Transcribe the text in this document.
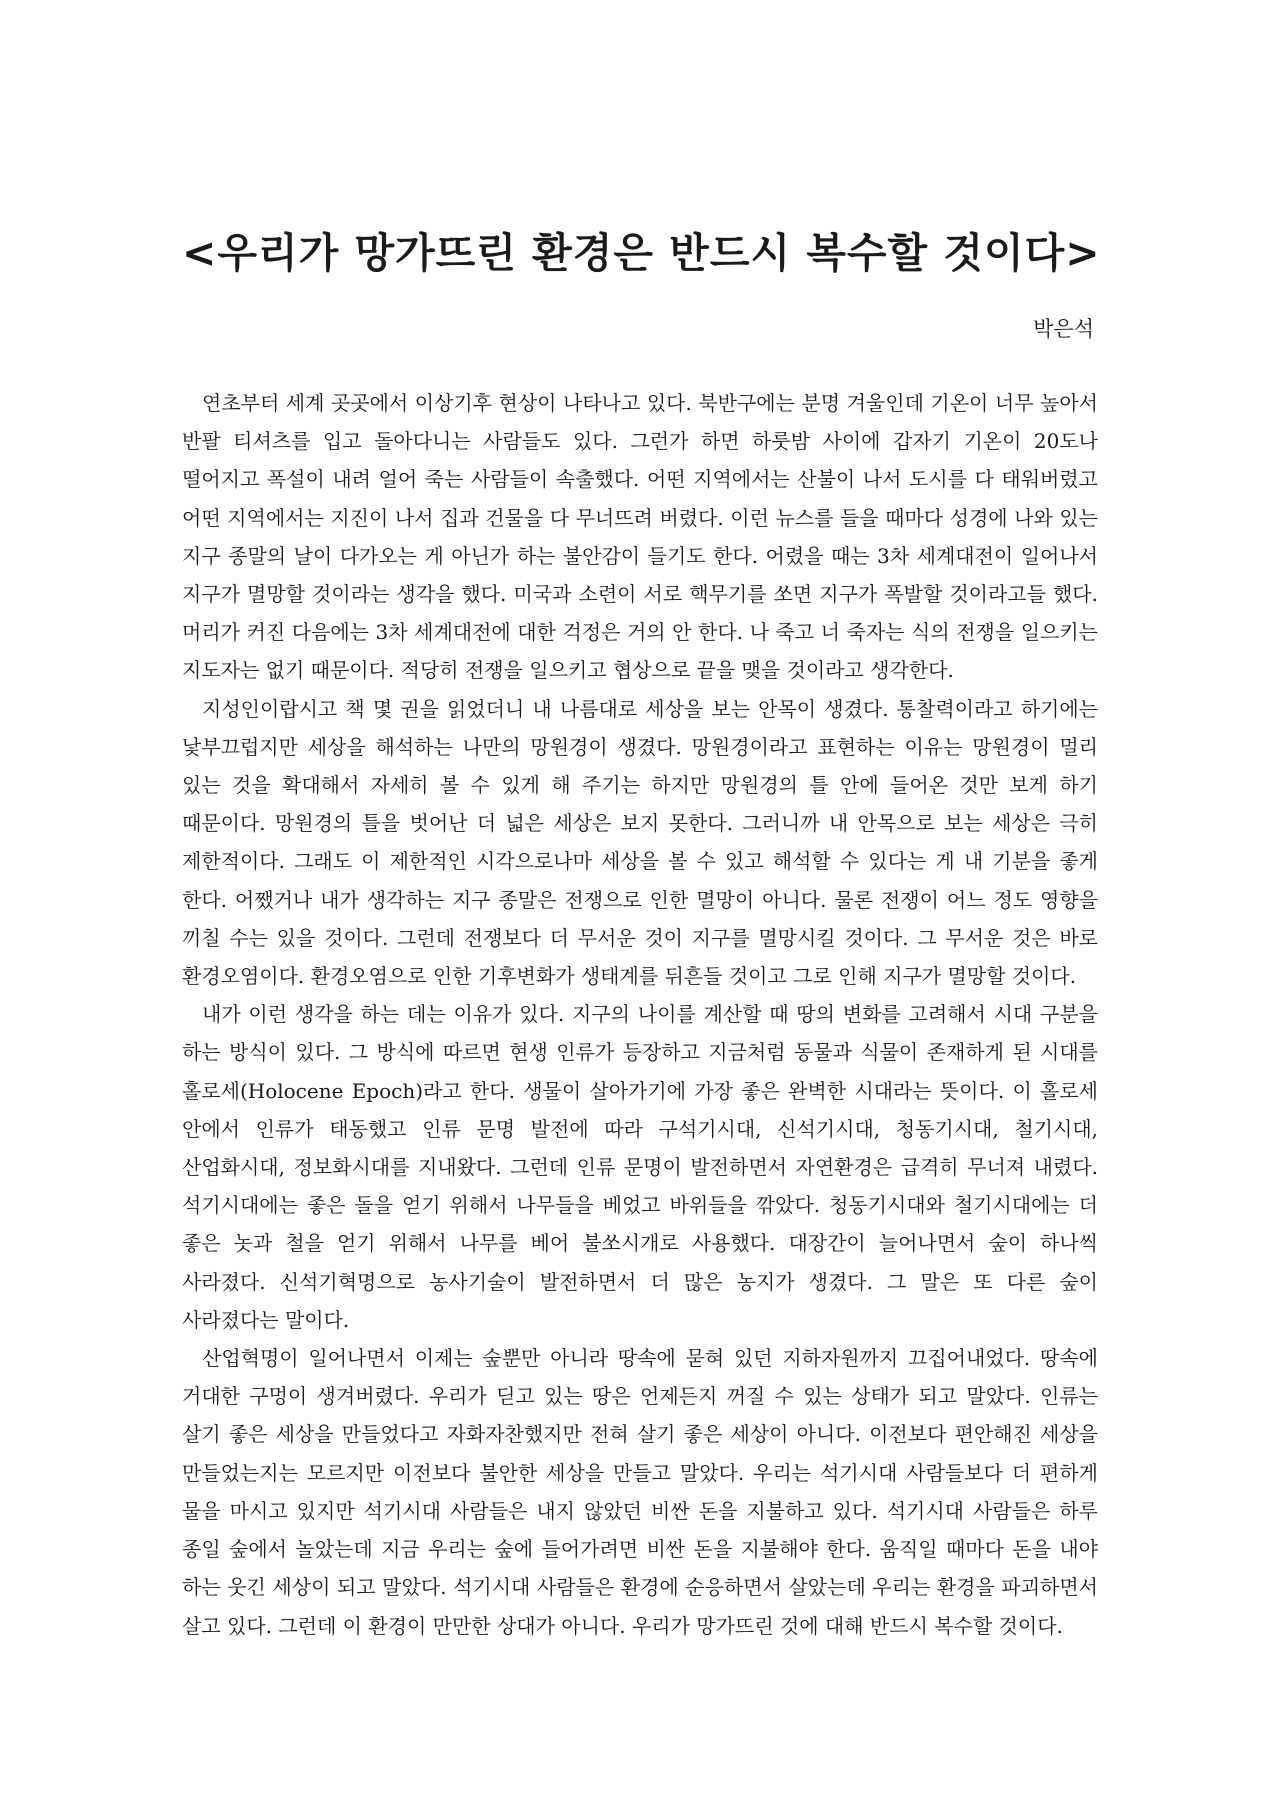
<우리가 망가뜨린 환경은 반드시 복수할 것이다>
박은석

연초부터 세계 곳곳에서 이상기후 현상이 나타나고 있다. 북반구에는 분명 겨울인데 기온이 너무 높아서 반팔 티셔츠를 입고 돌아다니는 사람들도 있다. 그런가 하면 하룻밤 사이에 갑자기 기온이 20도나 떨어지고 폭설이 내려 얼어 죽는 사람들이 속출했다. 어떤 지역에서는 산불이 나서 도시를 다 태워버렸고 어떤 지역에서는 지진이 나서 집과 건물을 다 무너뜨려 버렸다. 이런 뉴스를 들을 때마다 성경에 나와 있는 지구 종말의 날이 다가오는 게 아닌가 하는 불안감이 들기도 한다. 어렸을 때는 3차 세계대전이 일어나서 지구가 멸망할 것이라는 생각을 했다. 미국과 소련이 서로 핵무기를 쏘면 지구가 폭발할 것이라고들 했다. 머리가 커진 다음에는 3차 세계대전에 대한 걱정은 거의 안 한다. 나 죽고 너 죽자는 식의 전쟁을 일으키는 지도자는 없기 때문이다. 적당히 전쟁을 일으키고 협상으로 끝을 맺을 것이라고 생각한다.

지성인이랍시고 책 몇 권을 읽었더니 내 나름대로 세상을 보는 안목이 생겼다. 통찰력이라고 하기에는 낯부끄럽지만 세상을 해석하는 나만의 망원경이 생겼다. 망원경이라고 표현하는 이유는 망원경이 멀리 있는 것을 확대해서 자세히 볼 수 있게 해 주기는 하지만 망원경의 틀 안에 들어온 것만 보게 하기 때문이다. 망원경의 틀을 벗어난 더 넓은 세상은 보지 못한다. 그러니까 내 안목으로 보는 세상은 극히 제한적이다. 그래도 이 제한적인 시각으로나마 세상을 볼 수 있고 해석할 수 있다는 게 내 기분을 좋게 한다. 어쨌거나 내가 생각하는 지구 종말은 전쟁으로 인한 멸망이 아니다. 물론 전쟁이 어느 정도 영향을 끼칠 수는 있을 것이다. 그런데 전쟁보다 더 무서운 것이 지구를 멸망시킬 것이다. 그 무서운 것은 바로 환경오염이다. 환경오염으로 인한 기후변화가 생태계를 뒤흔들 것이고 그로 인해 지구가 멸망할 것이다.

내가 이런 생각을 하는 데는 이유가 있다. 지구의 나이를 계산할 때 땅의 변화를 고려해서 시대 구분을 하는 방식이 있다. 그 방식에 따르면 현생 인류가 등장하고 지금처럼 동물과 식물이 존재하게 된 시대를 홀로세(Holocene Epoch)라고 한다. 생물이 살아가기에 가장 좋은 완벽한 시대라는 뜻이다. 이 홀로세 안에서 인류가 태동했고 인류 문명 발전에 따라 구석기시대, 신석기시대, 청동기시대, 철기시대, 산업화시대, 정보화시대를 지내왔다. 그런데 인류 문명이 발전하면서 자연환경은 급격히 무너져 내렸다. 석기시대에는 좋은 돌을 얻기 위해서 나무들을 베었고 바위들을 깎았다. 청동기시대와 철기시대에는 더 좋은 놋과 철을 얻기 위해서 나무를 베어 불쏘시개로 사용했다. 대장간이 늘어나면서 숲이 하나씩 사라졌다. 신석기혁명으로 농사기술이 발전하면서 더 많은 농지가 생겼다. 그 말은 또 다른 숲이 사라졌다는 말이다.

산업혁명이 일어나면서 이제는 숲뿐만 아니라 땅속에 묻혀 있던 지하자원까지 끄집어내었다. 땅속에 거대한 구멍이 생겨버렸다. 우리가 딛고 있는 땅은 언제든지 꺼질 수 있는 상태가 되고 말았다. 인류는 살기 좋은 세상을 만들었다고 자화자찬했지만 전혀 살기 좋은 세상이 아니다. 이전보다 편안해진 세상을 만들었는지는 모르지만 이전보다 불안한 세상을 만들고 말았다. 우리는 석기시대 사람들보다 더 편하게 물을 마시고 있지만 석기시대 사람들은 내지 않았던 비싼 돈을 지불하고 있다. 석기시대 사람들은 하루 종일 숲에서 놀았는데 지금 우리는 숲에 들어가려면 비싼 돈을 지불해야 한다. 움직일 때마다 돈을 내야 하는 웃긴 세상이 되고 말았다. 석기시대 사람들은 환경에 순응하면서 살았는데 우리는 환경을 파괴하면서 살고 있다. 그런데 이 환경이 만만한 상대가 아니다. 우리가 망가뜨린 것에 대해 반드시 복수할 것이다.
